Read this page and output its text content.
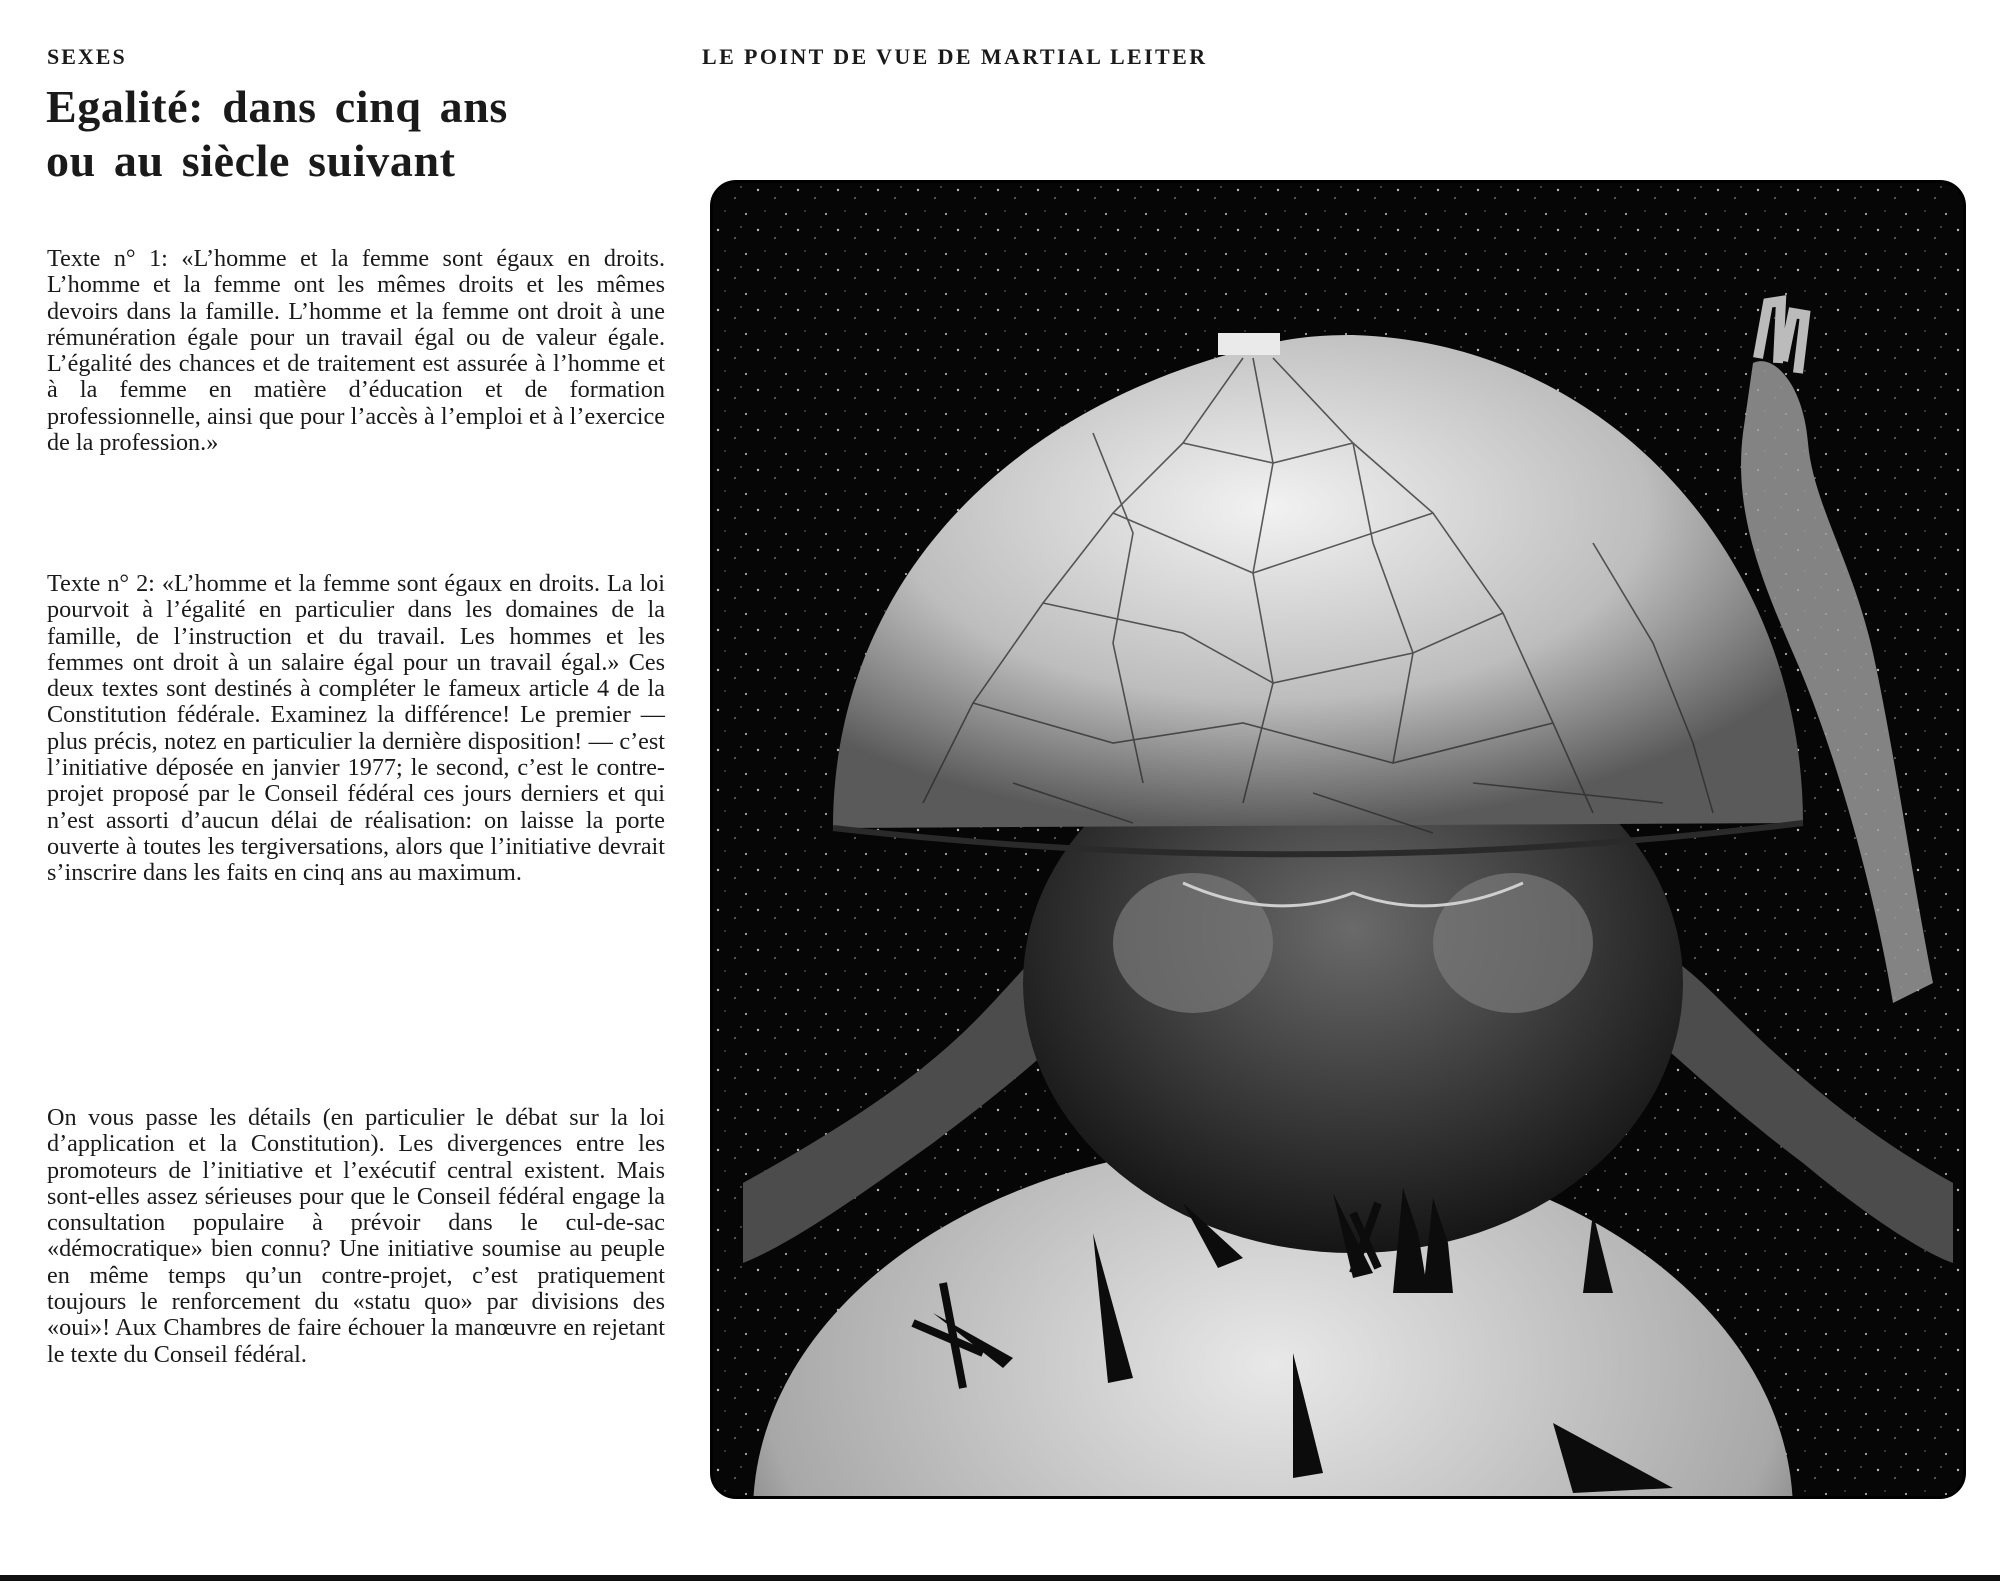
SEXES	LE POINT DE VUE DE MARTIAL LEITER
Egalité: dans cinq ans
ou au siècle suivant

Texte n° 1: «L’homme et la femme sont égaux en droits. L’homme et la femme ont les mêmes droits et les mêmes devoirs dans la famille. L’homme et la femme ont droit à une rémunération égale pour un travail égal ou de valeur égale. L’égalité des chances et de traitement est assurée à l’homme et à la femme en matière d’éducation et de formation professionnelle, ainsi que pour l’accès à l’emploi et à l’exercice de la profession.»

Texte n° 2: «L’homme et la femme sont égaux en droits. La loi pourvoit à l’égalité en particulier dans les domaines de la famille, de l’instruction et du travail. Les hommes et les femmes ont droit à un salaire égal pour un travail égal.» Ces deux textes sont destinés à compléter le fameux article 4 de la Constitution fédérale. Examinez la différence! Le premier — plus précis, notez en particulier la dernière disposition! — c’est l’initiative déposée en janvier 1977; le second, c’est le contre-projet proposé par le Conseil fédéral ces jours derniers et qui n’est assorti d’aucun délai de réalisation: on laisse la porte ouverte à toutes les tergiversations, alors que l’initiative devrait s’inscrire dans les faits en cinq ans au maximum.

On vous passe les détails (en particulier le débat sur la loi d’application et la Constitution). Les divergences entre les promoteurs de l’initiative et l’exécutif central existent. Mais sont-elles assez sérieuses pour que le Conseil fédéral engage la consultation populaire à prévoir dans le cul-de-sac «démocratique» bien connu? Une initiative soumise au peuple en même temps qu’un contre-projet, c’est pratiquement toujours le renforcement du «statu quo» par divisions des «oui»! Aux Chambres de faire échouer la manœuvre en rejetant le texte du Conseil fédéral.
